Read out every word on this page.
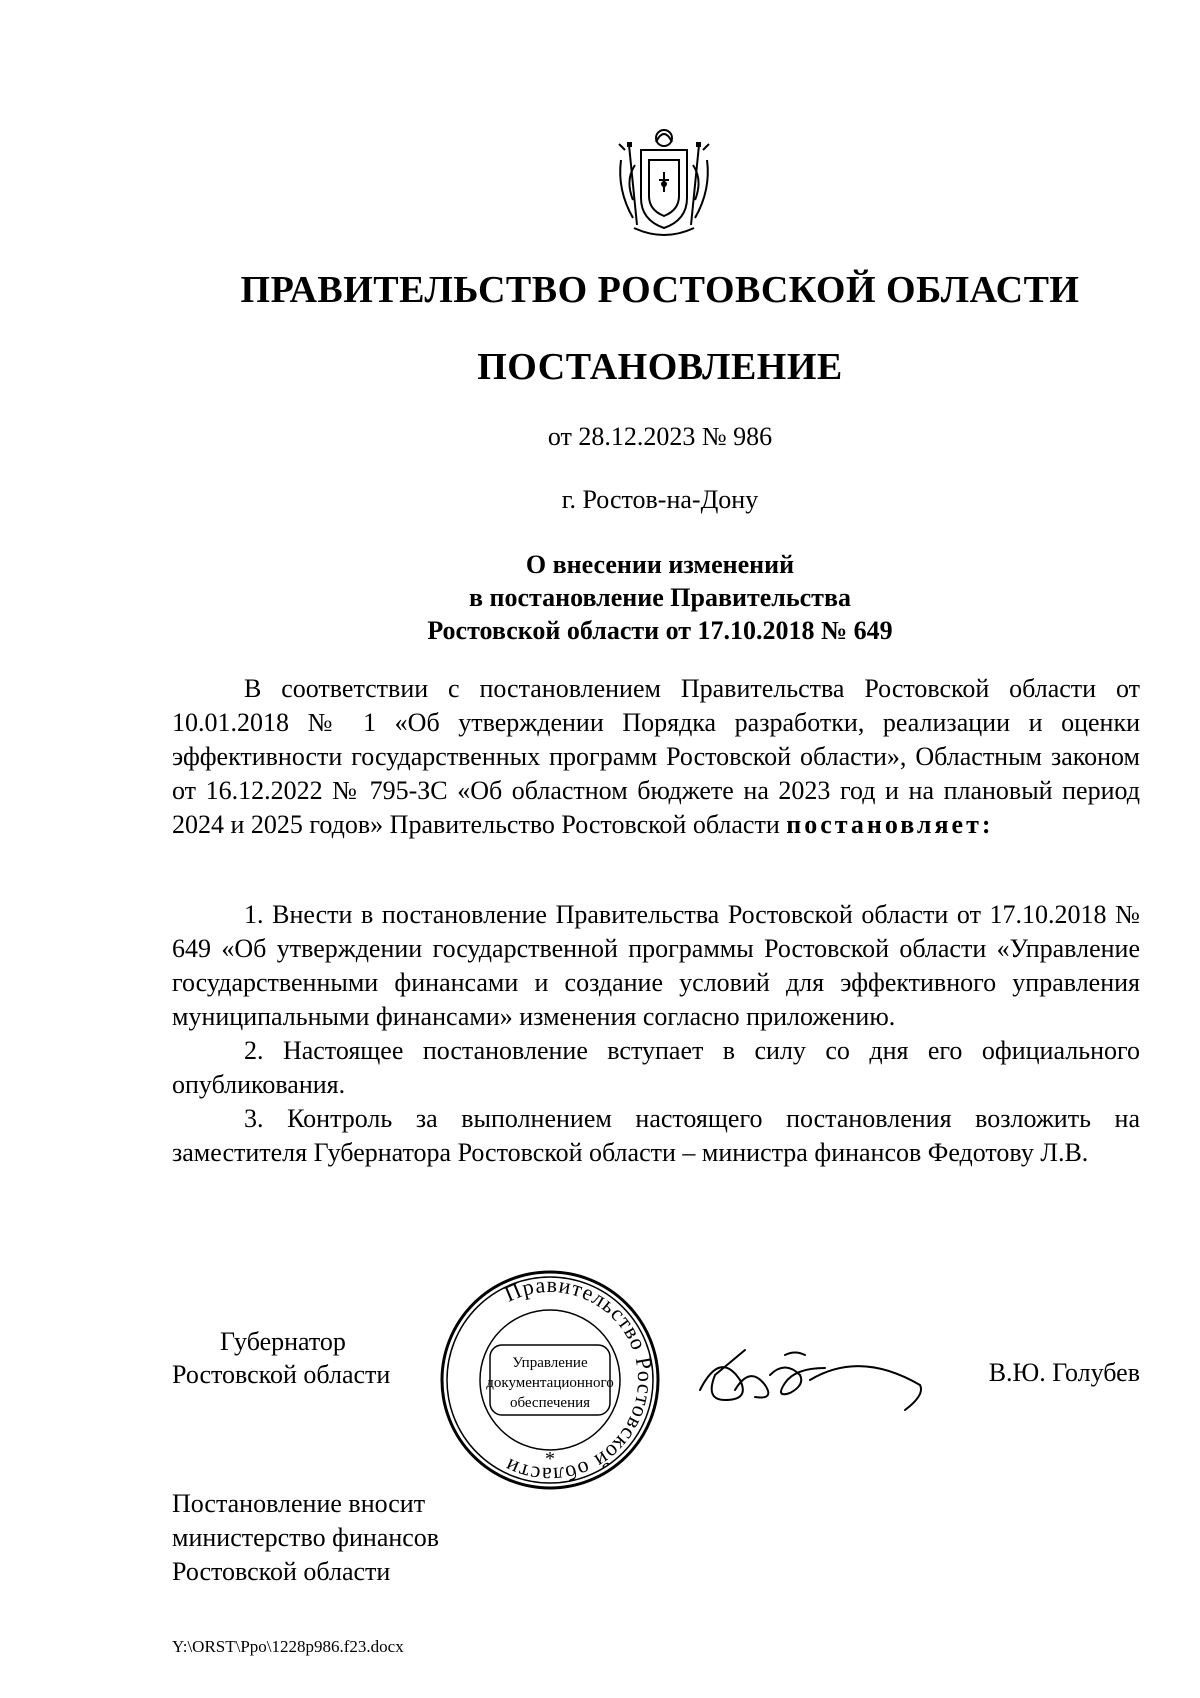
ПРАВИТЕЛЬСТВО РОСТОВСКОЙ ОБЛАСТИ
ПОСТАНОВЛЕНИЕ
от 28.12.2023 № 986
г. Ростов-на-Дону
О внесении изменений
в постановление Правительства
Ростовской области от 17.10.2018 № 649

В соответствии с постановлением Правительства Ростовской области от 10.01.2018 № 1 «Об утверждении Порядка разработки, реализации и оценки эффективности государственных программ Ростовской области», Областным законом от 16.12.2022 № 795-ЗС «Об областном бюджете на 2023 год и на плановый период 2024 и 2025 годов» Правительство Ростовской области постановляет:

1. Внести в постановление Правительства Ростовской области от 17.10.2018 № 649 «Об утверждении государственной программы Ростовской области «Управление государственными финансами и создание условий для эффективного управления муниципальными финансами» изменения согласно приложению.

2. Настоящее постановление вступает в силу со дня его официального опубликования.

3. Контроль за выполнением настоящего постановления возложить на заместителя Губернатора Ростовской области – министра финансов Федотову Л.В.

Губернатор
Ростовской области
Правительство Ростовской области
Управление
документационного
обеспечения
*
В.Ю. Голубев
Постановление вносит
министерство финансов
Ростовской области
Y:\ORST\Ppo\1228p986.f23.docx
